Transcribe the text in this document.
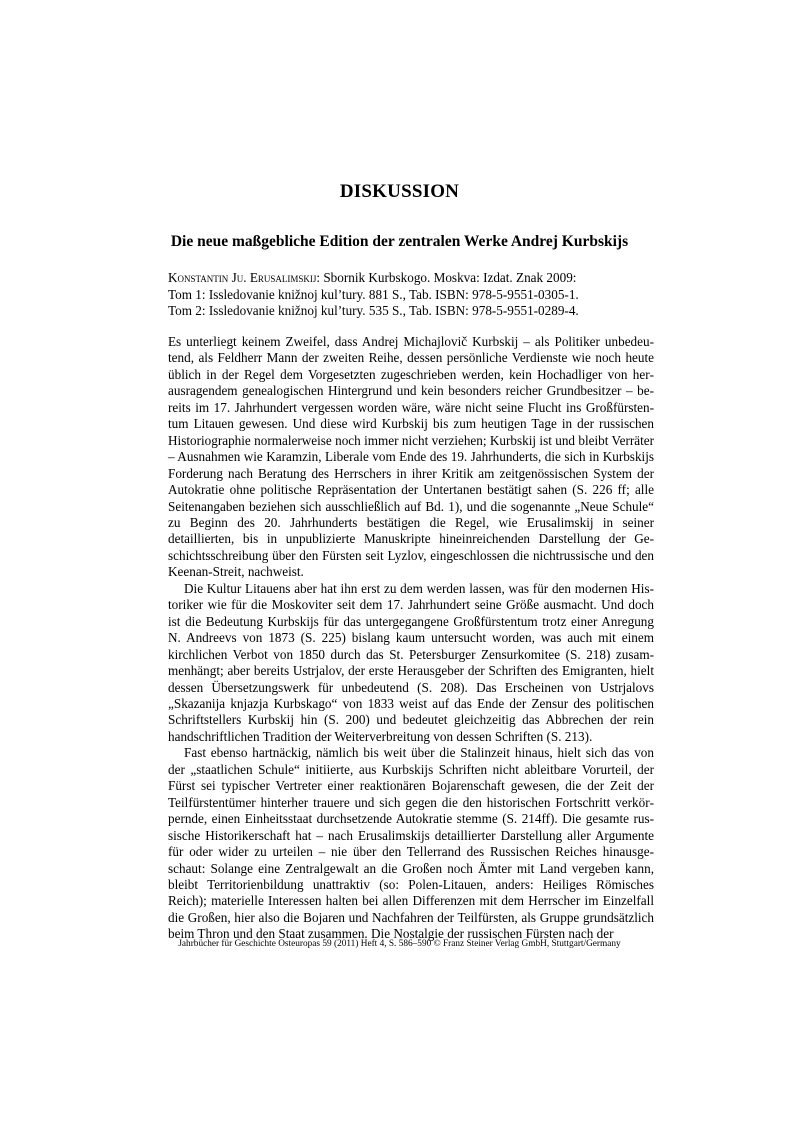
DISKUSSION
Die neue maßgebliche Edition der zentralen Werke Andrej Kurbskijs
Konstantin Ju. Erusalimskij: Sbornik Kurbskogo. Moskva: Izdat. Znak 2009:
Tom 1: Issledovanie knižnoj kul’tury. 881 S., Tab. ISBN: 978-5-9551-0305-1.
Tom 2: Issledovanie knižnoj kul’tury. 535 S., Tab. ISBN: 978-5-9551-0289-4.

Es unterliegt keinem Zweifel, dass Andrej Michajlovič Kurbskij – als Politiker unbedeutend, als Feldherr Mann der zweiten Reihe, dessen persönliche Verdienste wie noch heute üblich in der Regel dem Vorgesetzten zugeschrieben werden, kein Hochadliger von herausragendem genealogischen Hintergrund und kein besonders reicher Grundbesitzer – bereits im 17. Jahrhundert vergessen worden wäre, wäre nicht seine Flucht ins Großfürstentum Litauen gewesen. Und diese wird Kurbskij bis zum heutigen Tage in der russischen Historiographie normalerweise noch immer nicht verziehen; Kurbskij ist und bleibt Verräter – Ausnahmen wie Karamzin, Liberale vom Ende des 19. Jahrhunderts, die sich in Kurbskijs Forderung nach Beratung des Herrschers in ihrer Kritik am zeitgenössischen System der Autokratie ohne politische Repräsentation der Untertanen bestätigt sahen (S. 226 ff; alle Seitenangaben beziehen sich ausschließlich auf Bd. 1), und die sogenannte „Neue Schule“ zu Beginn des 20. Jahrhunderts bestätigen die Regel, wie Erusalimskij in seiner detaillierten, bis in unpublizierte Manuskripte hineinreichenden Darstellung der Geschichtsschreibung über den Fürsten seit Lyzlov, eingeschlossen die nichtrussische und den Keenan-Streit, nachweist.

Die Kultur Litauens aber hat ihn erst zu dem werden lassen, was für den modernen Historiker wie für die Moskoviter seit dem 17. Jahrhundert seine Größe ausmacht. Und doch ist die Bedeutung Kurbskijs für das untergegangene Großfürstentum trotz einer Anregung N. Andreevs von 1873 (S. 225) bislang kaum untersucht worden, was auch mit einem kirchlichen Verbot von 1850 durch das St. Petersburger Zensurkomitee (S. 218) zusammenhängt; aber bereits Ustrjalov, der erste Herausgeber der Schriften des Emigranten, hielt dessen Übersetzungswerk für unbedeutend (S. 208). Das Erscheinen von Ustrjalovs „Skazanija knjazja Kurbskago“ von 1833 weist auf das Ende der Zensur des politischen Schriftstellers Kurbskij hin (S. 200) und bedeutet gleichzeitig das Abbrechen der rein handschriftlichen Tradition der Weiterverbreitung von dessen Schriften (S. 213).

Fast ebenso hartnäckig, nämlich bis weit über die Stalinzeit hinaus, hielt sich das von der „staatlichen Schule“ initiierte, aus Kurbskijs Schriften nicht ableitbare Vorurteil, der Fürst sei typischer Vertreter einer reaktionären Bojarenschaft gewesen, die der Zeit der Teilfürstentümer hinterher trauere und sich gegen die den historischen Fortschritt verkörpernde, einen Einheitsstaat durchsetzende Autokratie stemme (S. 214ff). Die gesamte russische Historikerschaft hat – nach Erusalimskijs detaillierter Darstellung aller Argumente für oder wider zu urteilen – nie über den Tellerrand des Russischen Reiches hinausgeschaut: Solange eine Zentralgewalt an die Großen noch Ämter mit Land vergeben kann, bleibt Territorienbildung unattraktiv (so: Polen-Litauen, anders: Heiliges Römisches Reich); materielle Interessen halten bei allen Differenzen mit dem Herrscher im Einzelfall die Großen, hier also die Bojaren und Nachfahren der Teilfürsten, als Gruppe grundsätzlich beim Thron und den Staat zusammen. Die Nostalgie der russischen Fürsten nach der

Jahrbücher für Geschichte Osteuropas 59 (2011) Heft 4, S. 586–590 © Franz Steiner Verlag GmbH, Stuttgart/Germany
